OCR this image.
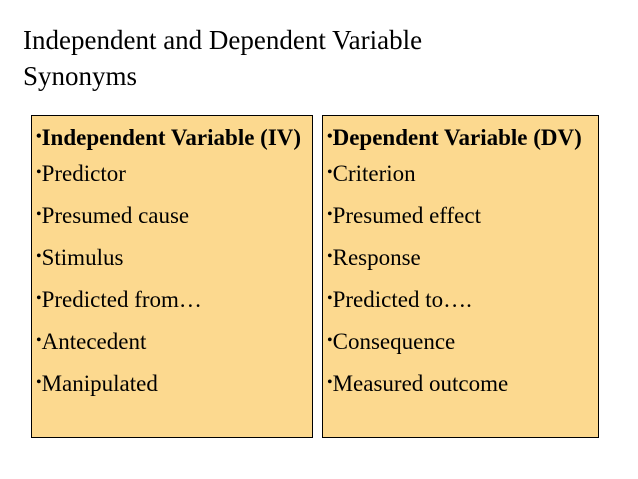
Independent and Dependent Variable
Synonyms
•Independent Variable (IV)
•Predictor
•Presumed cause
•Stimulus
•Predicted from…
•Antecedent
•Manipulated
•Dependent Variable (DV)
•Criterion
•Presumed effect
•Response
•Predicted to….
•Consequence
•Measured outcome
